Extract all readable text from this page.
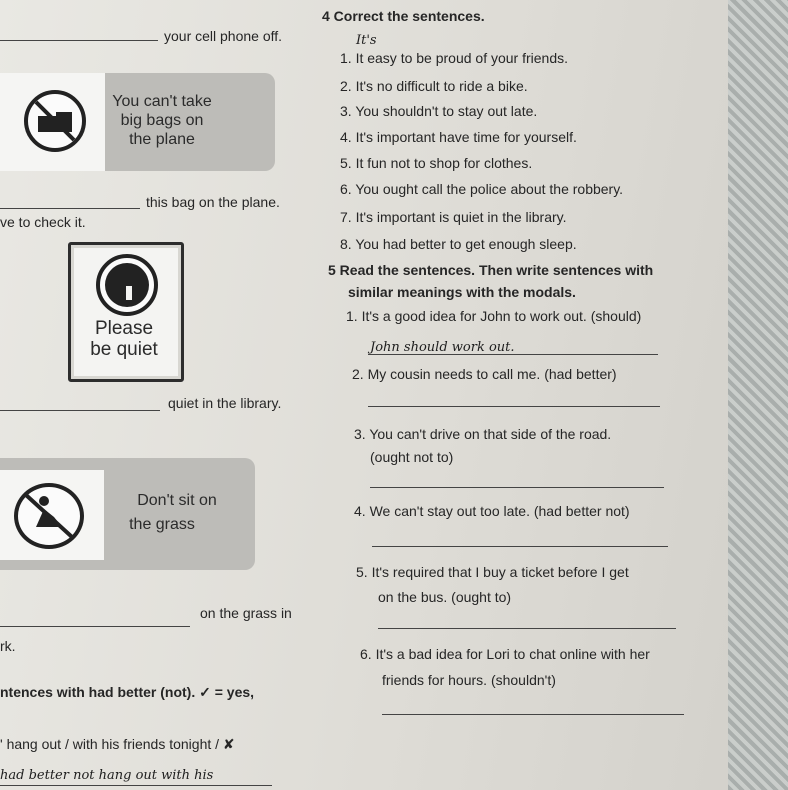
your cell phone off.
You can't take big bags on the plane
this bag on the plane.
ve to check it.
Please
be quiet
quiet in the library.
Don't sit on
the grass
on the grass in
rk.
ntences with had better (not). ✓ = yes,
' hang out / with his friends tonight / ✘
had better not hang out with his
4 Correct the sentences.
It's
1. It easy to be proud of your friends.
2. It's no difficult to ride a bike.
3. You shouldn't to stay out late.
4. It's important have time for yourself.
5. It fun not to shop for clothes.
6. You ought call the police about the robbery.
7. It's important is quiet in the library.
8. You had better to get enough sleep.
5 Read the sentences. Then write sentences with
similar meanings with the modals.
1. It's a good idea for John to work out. (should)
John should work out.
2. My cousin needs to call me. (had better)
3. You can't drive on that side of the road.
(ought not to)
4. We can't stay out too late. (had better not)
5. It's required that I buy a ticket before I get
on the bus. (ought to)
6. It's a bad idea for Lori to chat online with her
friends for hours. (shouldn't)
